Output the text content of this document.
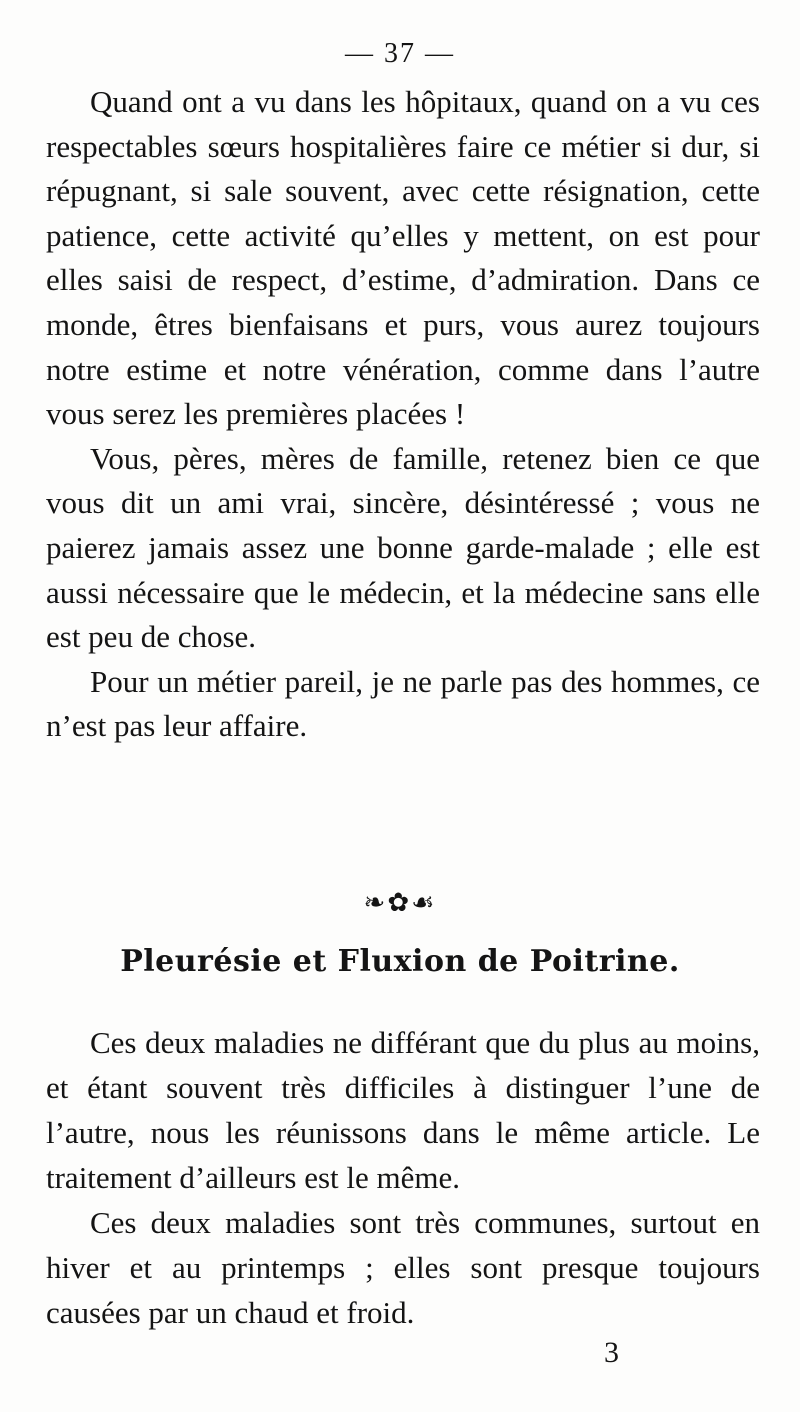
— 37 —

Quand ont a vu dans les hôpitaux, quand on a vu ces respectables sœurs hospitalières faire ce métier si dur, si répugnant, si sale souvent, avec cette résignation, cette patience, cette activité qu’elles y mettent, on est pour elles saisi de respect, d’estime, d’admiration. Dans ce monde, êtres bienfaisans et purs, vous aurez toujours notre estime et notre vénération, comme dans l’autre vous serez les premières placées !

Vous, pères, mères de famille, retenez bien ce que vous dit un ami vrai, sincère, désintéressé ; vous ne paierez jamais assez une bonne garde-malade ; elle est aussi nécessaire que le médecin, et la médecine sans elle est peu de chose.

Pour un métier pareil, je ne parle pas des hommes, ce n’est pas leur affaire.

❧✿☙
Pleurésie et Fluxion de Poitrine.

Ces deux maladies ne différant que du plus au moins, et étant souvent très difficiles à distinguer l’une de l’autre, nous les réunissons dans le même article. Le traitement d’ailleurs est le même.

Ces deux maladies sont très communes, surtout en hiver et au printemps ; elles sont presque toujours causées par un chaud et froid.

3
